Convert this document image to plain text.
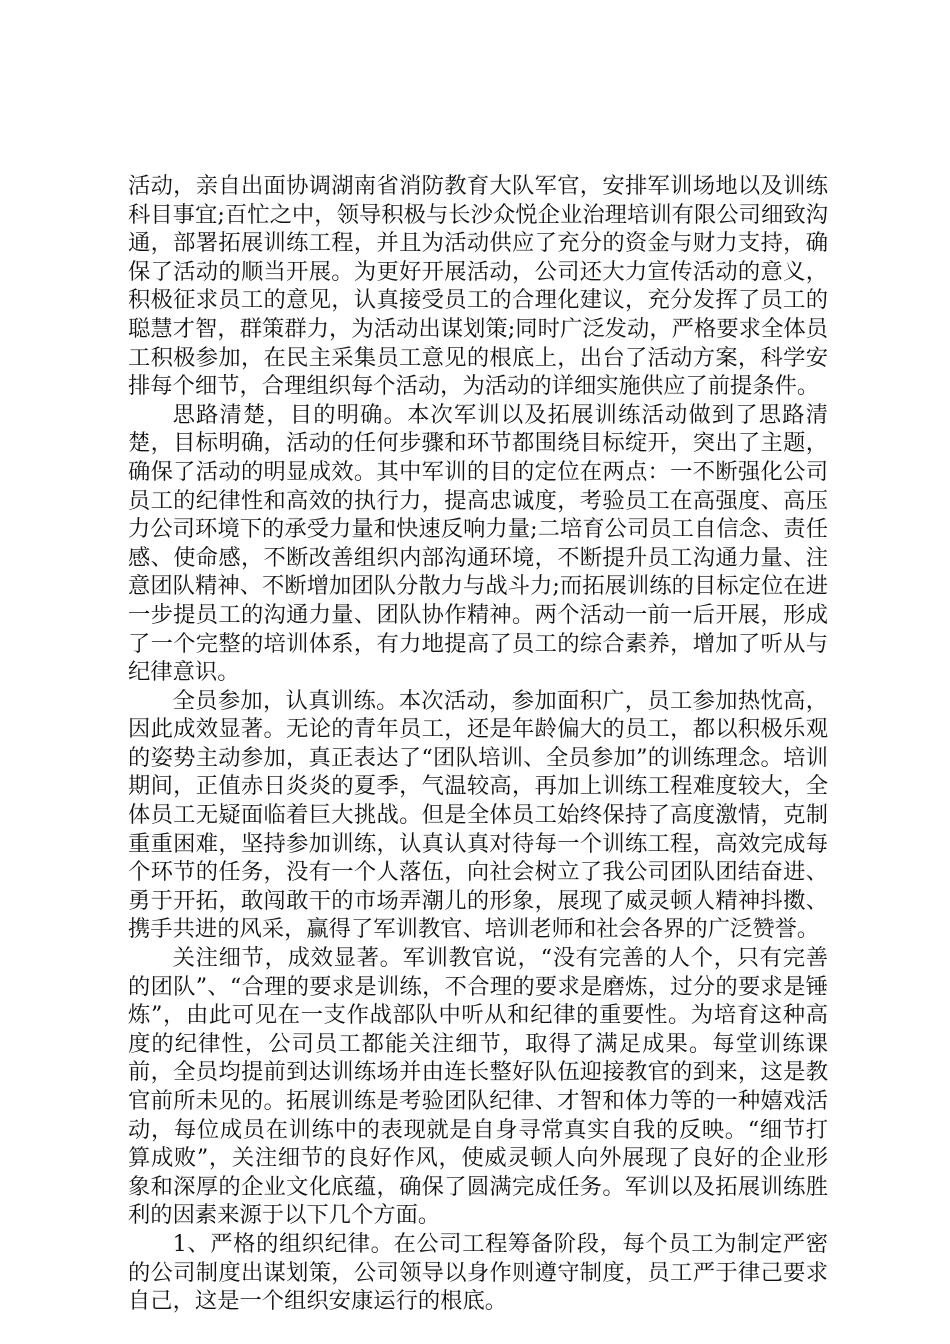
活动，亲自出面协调湖南省消防教育大队军官，安排军训场地以及训练科目事宜;百忙之中，领导积极与长沙众悦企业治理培训有限公司细致沟通，部署拓展训练工程，并且为活动供应了充分的资金与财力支持，确保了活动的顺当开展。为更好开展活动，公司还大力宣传活动的意义，积极征求员工的意见，认真接受员工的合理化建议，充分发挥了员工的聪慧才智，群策群力，为活动出谋划策;同时广泛发动，严格要求全体员工积极参加，在民主采集员工意见的根底上，出台了活动方案，科学安排每个细节，合理组织每个活动，为活动的详细实施供应了前提条件。

思路清楚，目的明确。本次军训以及拓展训练活动做到了思路清楚，目标明确，活动的任何步骤和环节都围绕目标绽开，突出了主题，确保了活动的明显成效。其中军训的目的定位在两点：一不断强化公司员工的纪律性和高效的执行力，提高忠诚度，考验员工在高强度、高压力公司环境下的承受力量和快速反响力量;二培育公司员工自信念、责任感、使命感，不断改善组织内部沟通环境，不断提升员工沟通力量、注意团队精神、不断增加团队分散力与战斗力;而拓展训练的目标定位在进一步提员工的沟通力量、团队协作精神。两个活动一前一后开展，形成了一个完整的培训体系，有力地提高了员工的综合素养，增加了听从与纪律意识。

全员参加，认真训练。本次活动，参加面积广，员工参加热忱高，因此成效显著。无论的青年员工，还是年龄偏大的员工，都以积极乐观的姿势主动参加，真正表达了“团队培训、全员参加”的训练理念。培训期间，正值赤日炎炎的夏季，气温较高，再加上训练工程难度较大，全体员工无疑面临着巨大挑战。但是全体员工始终保持了高度激情，克制重重困难，坚持参加训练，认真认真对待每一个训练工程，高效完成每个环节的任务，没有一个人落伍，向社会树立了我公司团队团结奋进、勇于开拓，敢闯敢干的市场弄潮儿的形象，展现了威灵顿人精神抖擞、携手共进的风采，赢得了军训教官、培训老师和社会各界的广泛赞誉。

关注细节，成效显著。军训教官说，“没有完善的人个，只有完善的团队”、“合理的要求是训练，不合理的要求是磨炼，过分的要求是锤炼”，由此可见在一支作战部队中听从和纪律的重要性。为培育这种高度的纪律性，公司员工都能关注细节，取得了满足成果。每堂训练课前，全员均提前到达训练场并由连长整好队伍迎接教官的到来，这是教官前所未见的。拓展训练是考验团队纪律、才智和体力等的一种嬉戏活动，每位成员在训练中的表现就是自身寻常真实自我的反映。“细节打算成败”，关注细节的良好作风，使威灵顿人向外展现了良好的企业形象和深厚的企业文化底蕴，确保了圆满完成任务。军训以及拓展训练胜利的因素来源于以下几个方面。

1、严格的组织纪律。在公司工程筹备阶段，每个员工为制定严密的公司制度出谋划策，公司领导以身作则遵守制度，员工严于律己要求自己，这是一个组织安康运行的根底。
